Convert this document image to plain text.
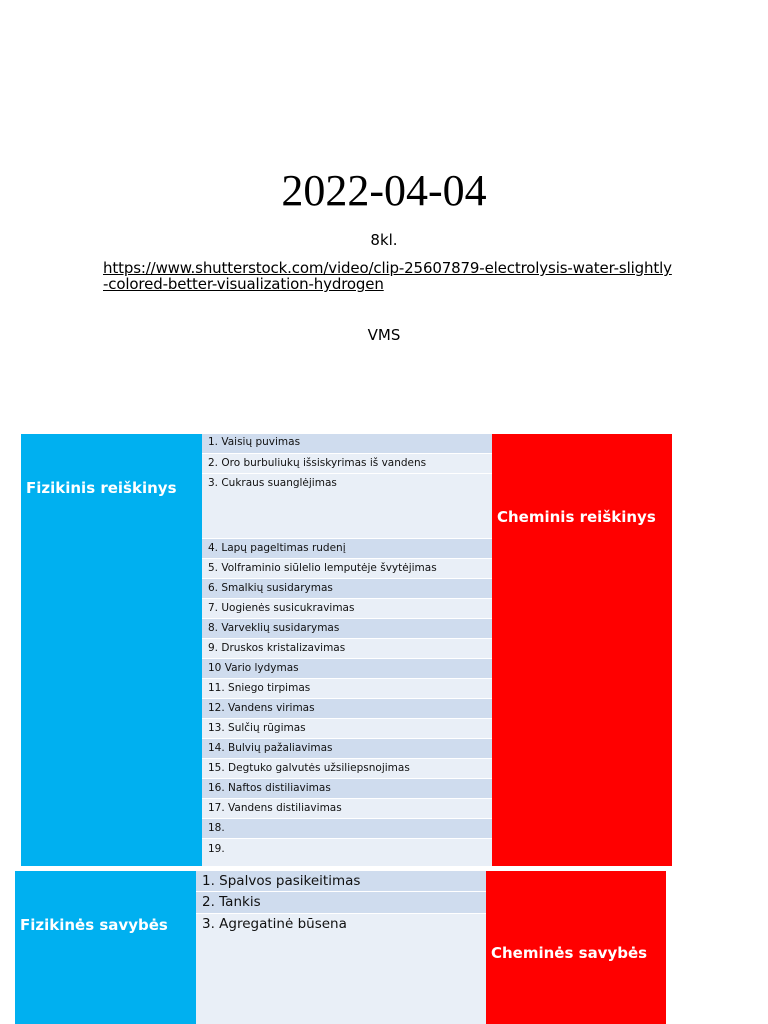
2022-04-04
8kl.
https://www.shutterstock.com/video/clip-25607879-electrolysis-water-slightly-colored-better-visualization-hydrogen
VMS
Fizikinis reiškinys
1. Vaisių puvimas
2. Oro burbuliukų išsiskyrimas iš vandens
3. Cukraus suanglėjimas
4. Lapų pageltimas rudenį
5. Volframinio siūlelio lemputėje švytėjimas
6. Smalkių susidarymas
7. Uogienės susicukravimas
8. Varveklių susidarymas
9. Druskos kristalizavimas
10 Vario lydymas
11. Sniego tirpimas
12. Vandens virimas
13. Sulčių rūgimas
14. Bulvių pažaliavimas
15. Degtuko galvutės užsiliepsnojimas
16. Naftos distiliavimas
17. Vandens distiliavimas
18.
19.
Cheminis reiškinys
Fizikinės savybės
1. Spalvos pasikeitimas
2. Tankis
3. Agregatinė būsena
Cheminės savybės
